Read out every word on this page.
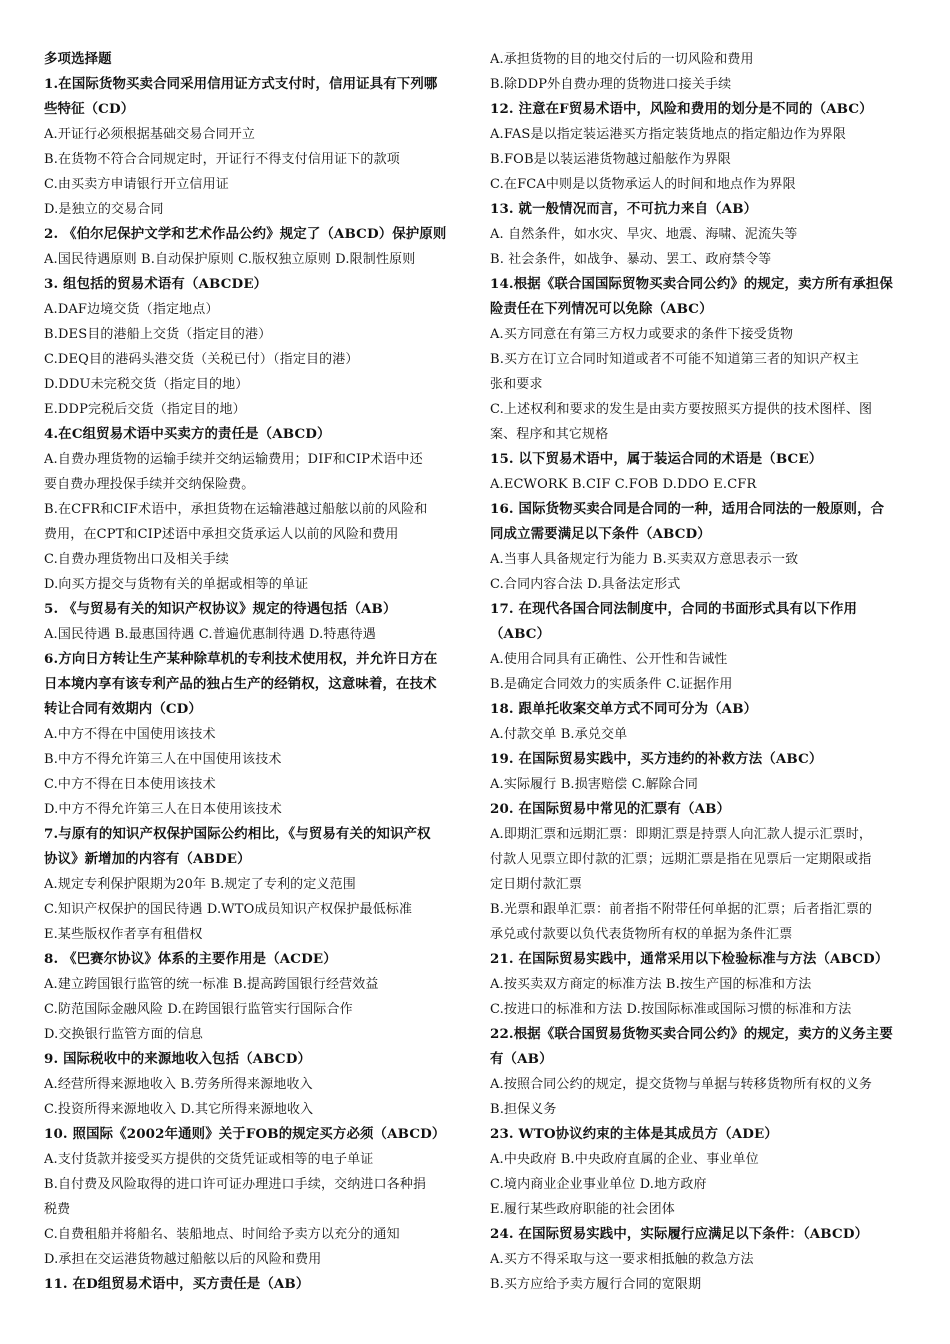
多项选择题
1.在国际货物买卖合同采用信用证方式支付时，信用证具有下列哪
些特征（CD）
A.开证行必须根据基础交易合同开立
B.在货物不符合合同规定时，开证行不得支付信用证下的款项
C.由买卖方申请银行开立信用证
D.是独立的交易合同
2. 《伯尔尼保护文学和艺术作品公约》规定了（ABCD）保护原则
A.国民待遇原则 B.自动保护原则 C.版权独立原则 D.限制性原则
3. 组包括的贸易术语有（ABCDE）
A.DAF边境交货（指定地点）
B.DES目的港船上交货（指定目的港）
C.DEQ目的港码头港交货（关税已付）（指定目的港）
D.DDU未完税交货（指定目的地）
E.DDP完税后交货（指定目的地）
4.在C组贸易术语中买卖方的责任是（ABCD）
A.自费办理货物的运输手续并交纳运输费用；DIF和CIP术语中还
要自费办理投保手续并交纳保险费。
B.在CFR和CIF术语中，承担货物在运输港越过船舷以前的风险和
费用，在CPT和CIP述语中承担交货承运人以前的风险和费用
C.自费办理货物出口及相关手续
D.向买方提交与货物有关的单据或相等的单证
5. 《与贸易有关的知识产权协议》规定的待遇包括（AB）
A.国民待遇 B.最惠国待遇 C.普遍优惠制待遇 D.特惠待遇
6.方向日方转让生产某种除草机的专利技术使用权，并允许日方在
日本境内享有该专利产品的独占生产的经销权，这意味着，在技术
转让合同有效期内（CD）
A.中方不得在中国使用该技术
B.中方不得允许第三人在中国使用该技术
C.中方不得在日本使用该技术
D.中方不得允许第三人在日本使用该技术
7.与原有的知识产权保护国际公约相比，《与贸易有关的知识产权
协议》新增加的内容有（ABDE）
A.规定专利保护限期为20年 B.规定了专利的定义范围
C.知识产权保护的国民待遇 D.WTO成员知识产权保护最低标准
E.某些版权作者享有租借权
8. 《巴赛尔协议》体系的主要作用是（ACDE）
A.建立跨国银行监管的统一标准 B.提高跨国银行经营效益
C.防范国际金融风险 D.在跨国银行监管实行国际合作
D.交换银行监管方面的信息
9. 国际税收中的来源地收入包括（ABCD）
A.经营所得来源地收入 B.劳务所得来源地收入
C.投资所得来源地收入 D.其它所得来源地收入
10. 照国际《2002年通则》关于FOB的规定买方必须（ABCD）
A.支付货款并接受买方提供的交货凭证或相等的电子单证
B.自付费及风险取得的进口许可证办理进口手续，交纳进口各种捐
税费
C.自费租船并将船名、装船地点、时间给予卖方以充分的通知
D.承担在交运港货物越过船舷以后的风险和费用
11. 在D组贸易术语中，买方责任是（AB）
A.承担货物的目的地交付后的一切风险和费用
B.除DDP外自费办理的货物进口接关手续
12. 注意在F贸易术语中，风险和费用的划分是不同的（ABC）
A.FAS是以指定装运港买方指定装货地点的指定船边作为界限
B.FOB是以装运港货物越过船舷作为界限
C.在FCA中则是以货物承运人的时间和地点作为界限
13. 就一般情况而言，不可抗力来自（AB）
A. 自然条件，如水灾、旱灾、地震、海啸、泥流失等
B. 社会条件，如战争、暴动、罢工、政府禁令等
14.根据《联合国国际贸物买卖合同公约》的规定，卖方所有承担保
险责任在下列情况可以免除（ABC）
A.买方同意在有第三方权力或要求的条件下接受货物
B.买方在订立合同时知道或者不可能不知道第三者的知识产权主
张和要求
C.上述权利和要求的发生是由卖方要按照买方提供的技术图样、图
案、程序和其它规格
15. 以下贸易术语中，属于装运合同的术语是（BCE）
A.ECWORK B.CIF C.FOB D.DDO E.CFR
16. 国际货物买卖合同是合同的一种，适用合同法的一般原则，合
同成立需要满足以下条件（ABCD）
A.当事人具备规定行为能力 B.买卖双方意思表示一致
C.合同内容合法 D.具备法定形式
17. 在现代各国合同法制度中，合同的书面形式具有以下作用
（ABC）
A.使用合同具有正确性、公开性和告诫性
B.是确定合同效力的实质条件 C.证据作用
18. 跟单托收案交单方式不同可分为（AB）
A.付款交单 B.承兑交单
19. 在国际贸易实践中，买方违约的补救方法（ABC）
A.实际履行 B.损害赔偿 C.解除合同
20. 在国际贸易中常见的汇票有（AB）
A.即期汇票和远期汇票：即期汇票是持票人向汇款人提示汇票时，
付款人见票立即付款的汇票；远期汇票是指在见票后一定期限或指
定日期付款汇票
B.光票和跟单汇票：前者指不附带任何单据的汇票；后者指汇票的
承兑或付款要以负代表货物所有权的单据为条件汇票
21. 在国际贸易实践中，通常采用以下检验标准与方法（ABCD）
A.按买卖双方商定的标准方法 B.按生产国的标准和方法
C.按进口的标准和方法 D.按国际标准或国际习惯的标准和方法
22.根据《联合国贸易货物买卖合同公约》的规定，卖方的义务主要
有（AB）
A.按照合同公约的规定，提交货物与单据与转移货物所有权的义务
B.担保义务
23. WTO协议约束的主体是其成员方（ADE）
A.中央政府 B.中央政府直属的企业、事业单位
C.境内商业企业事业单位 D.地方政府
E.履行某些政府职能的社会团体
24. 在国际贸易实践中，实际履行应满足以下条件：（ABCD）
A.买方不得采取与这一要求相抵触的救急方法
B.买方应给予卖方履行合同的宽限期
